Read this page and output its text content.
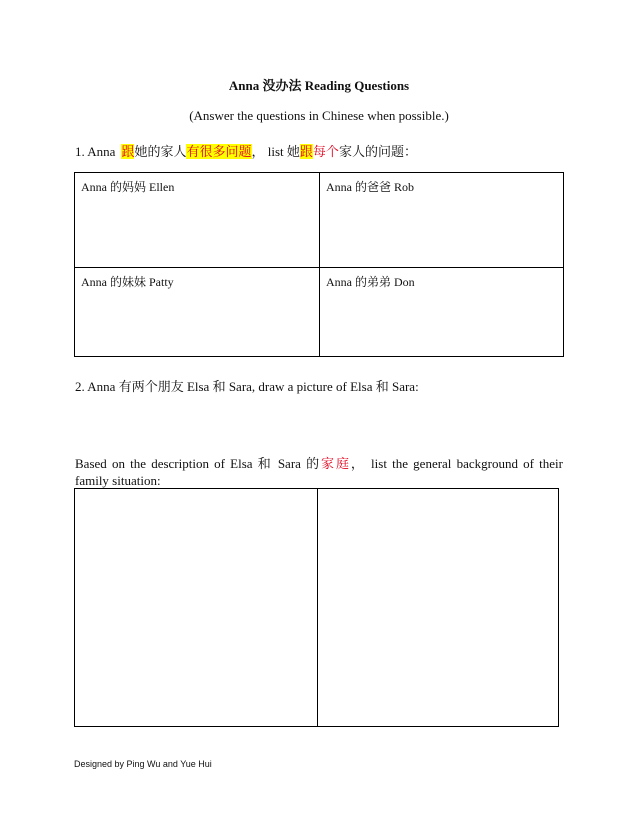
Anna 没办法 Reading Questions
(Answer the questions in Chinese when possible.)
1. Anna 跟她的家人有很多问题， list 她跟每个家人的问题：
Anna 的妈妈 Ellen	Anna 的爸爸 Rob
Anna 的妹妹 Patty	Anna 的弟弟 Don
2. Anna 有两个朋友 Elsa 和 Sara, draw a picture of Elsa 和 Sara:
Based on the description of Elsa 和 Sara 的家庭， list the general background of their family situation:
Designed by Ping Wu and Yue Hui
